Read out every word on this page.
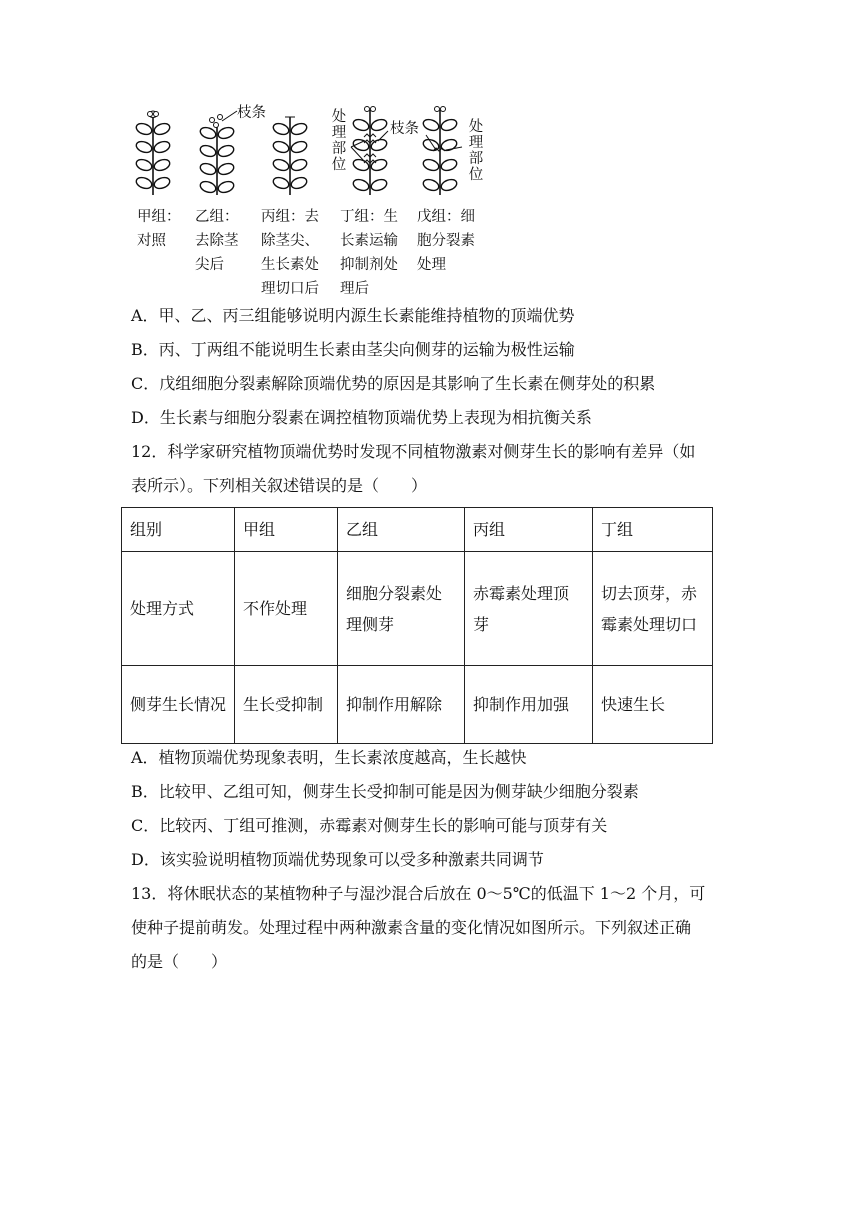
枝条
枝条
处理部位
处理部位
甲组：
对照
乙组：
去除茎
尖后
丙组：去
除茎尖、
生长素处
理切口后
丁组：生
长素运输
抑制剂处
理后
戊组：细
胞分裂素
处理
A．甲、乙、丙三组能够说明内源生长素能维持植物的顶端优势
B．丙、丁两组不能说明生长素由茎尖向侧芽的运输为极性运输
C．戊组细胞分裂素解除顶端优势的原因是其影响了生长素在侧芽处的积累
D．生长素与细胞分裂素在调控植物顶端优势上表现为相抗衡关系
12．科学家研究植物顶端优势时发现不同植物激素对侧芽生长的影响有差异（如
表所示）。下列相关叙述错误的是（　　）
组别	甲组	乙组	丙组	丁组
处理方式	不作处理	细胞分裂素处理侧芽	赤霉素处理顶芽	切去顶芽，赤霉素处理切口
侧芽生长情况	生长受抑制	抑制作用解除	抑制作用加强	快速生长
A．植物顶端优势现象表明，生长素浓度越高，生长越快
B．比较甲、乙组可知，侧芽生长受抑制可能是因为侧芽缺少细胞分裂素
C．比较丙、丁组可推测，赤霉素对侧芽生长的影响可能与顶芽有关
D．该实验说明植物顶端优势现象可以受多种激素共同调节
13．将休眠状态的某植物种子与湿沙混合后放在 0～5℃的低温下 1～2 个月，可
使种子提前萌发。处理过程中两种激素含量的变化情况如图所示。下列叙述正确
的是（　　）
